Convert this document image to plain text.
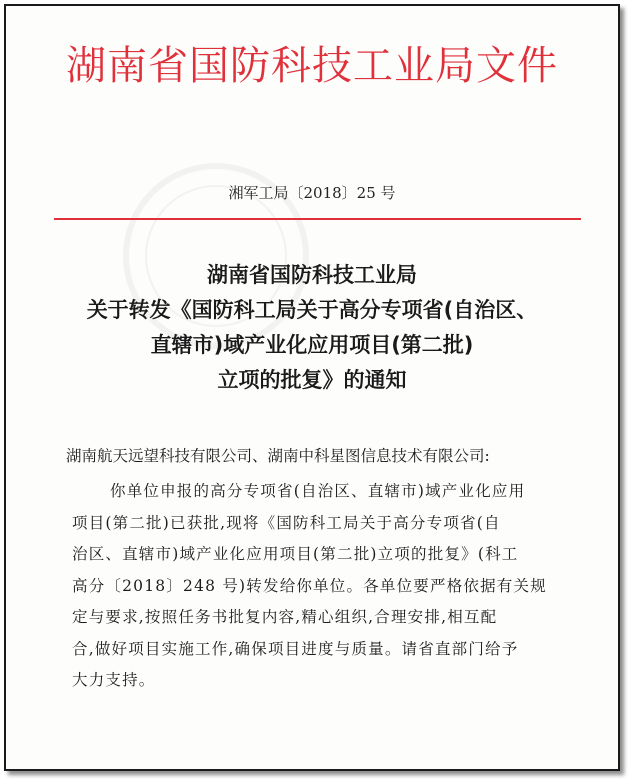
湖南省国防科技工业局文件
湘军工局〔2018〕25 号
湖南省国防科技工业局
关于转发《国防科工局关于高分专项省(自治区、
直辖市)域产业化应用项目(第二批)
立项的批复》的通知
湖南航天远望科技有限公司、湖南中科星图信息技术有限公司:
你单位申报的高分专项省(自治区、直辖市)域产业化应用
项目(第二批)已获批,现将《国防科工局关于高分专项省(自
治区、直辖市)域产业化应用项目(第二批)立项的批复》(科工
高分〔2018〕248 号)转发给你单位。各单位要严格依据有关规
定与要求,按照任务书批复内容,精心组织,合理安排,相互配
合,做好项目实施工作,确保项目进度与质量。请省直部门给予
大力支持。
